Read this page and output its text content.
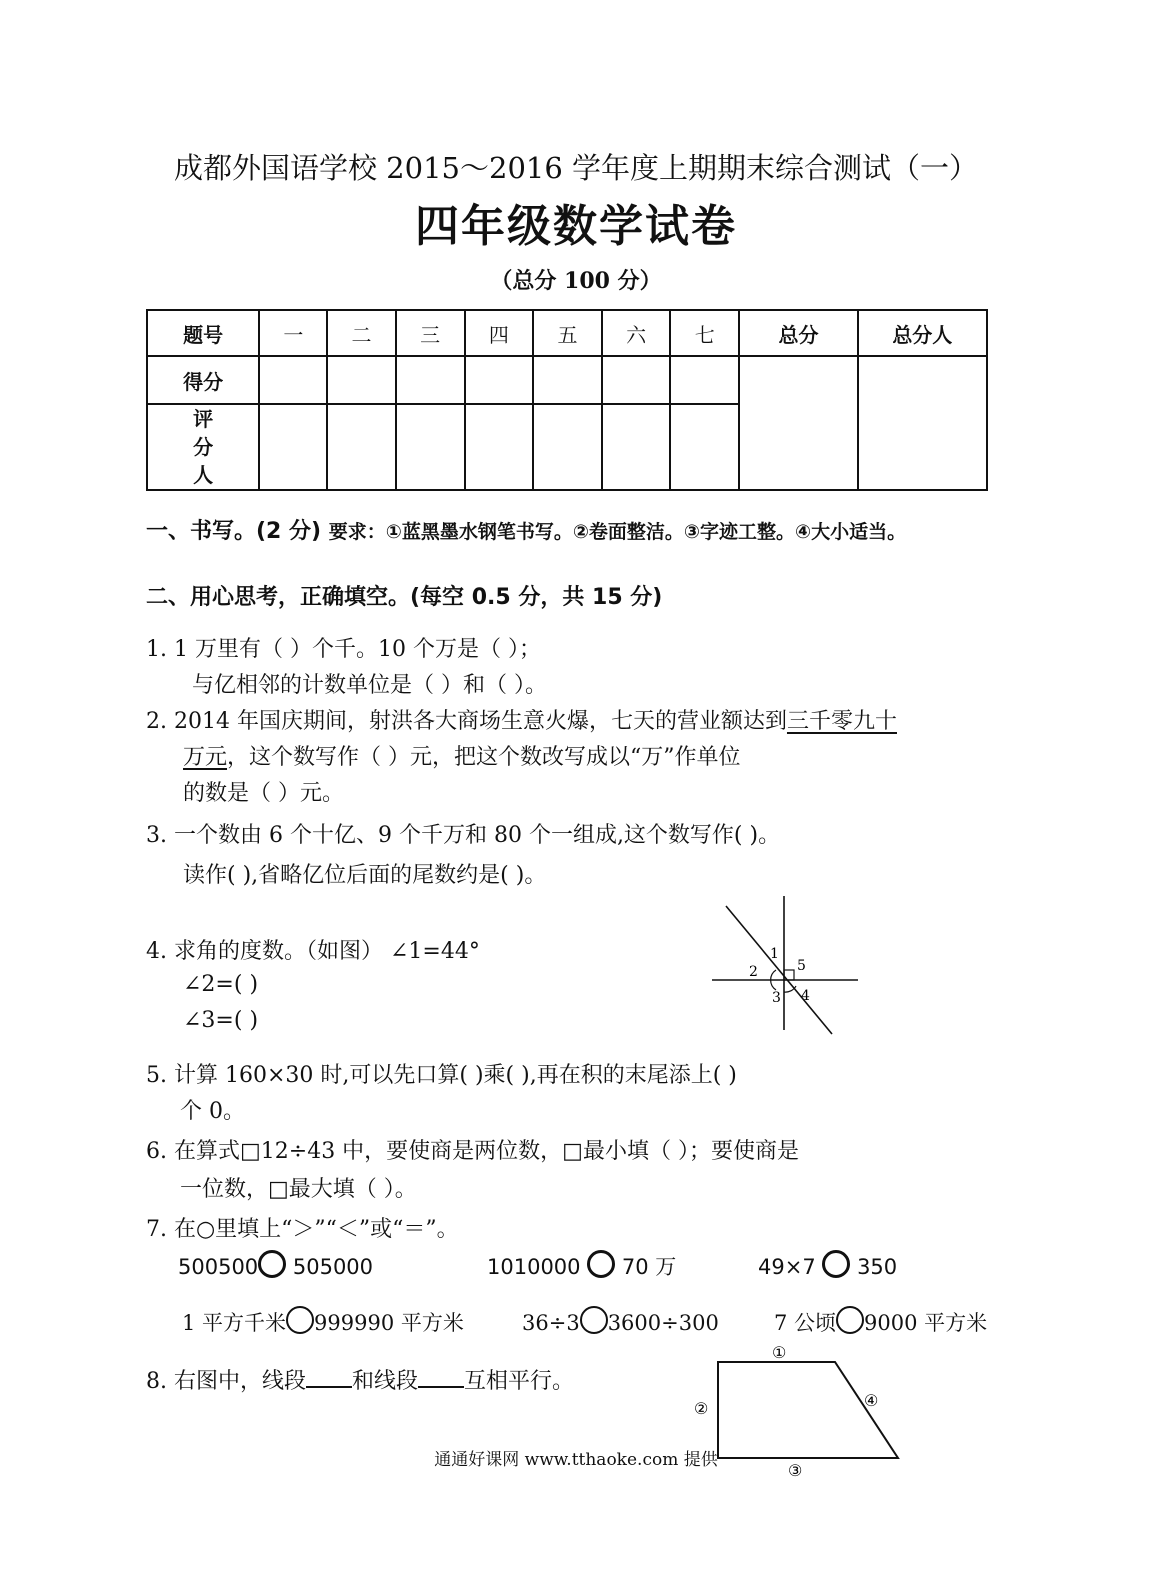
成都外国语学校 2015～2016 学年度上期期末综合测试（一）
四年级数学试卷
（总分 100 分）
题号	一	二	三	四	五	六	七	总分	总分人
得分									

评
分
人									

一、书写。(2 分) 要求：①蓝黑墨水钢笔书写。②卷面整洁。③字迹工整。④大小适当。
二、用心思考，正确填空。(每空 0.5 分，共 15 分)
1. 1 万里有（ ）个千。10 个万是（ ）；
与亿相邻的计数单位是（ ）和（ ）。
2. 2014 年国庆期间，射洪各大商场生意火爆，七天的营业额达到三千零九十
万元，这个数写作（ ）元，把这个数改写成以“万”作单位
的数是（ ）元。
3. 一个数由 6 个十亿、9 个千万和 80 个一组成,这个数写作( )。
读作( ),省略亿位后面的尾数约是( )。
4. 求角的度数。（如图） ∠1=44°
∠2=( )
∠3=( )
1
2
3 4
5
5. 计算 160×30 时,可以先口算( )乘( ),再在积的末尾添上( )
个 0。
6. 在算式□12÷43 中，要使商是两位数，□最小填（ ）；要使商是
一位数，□最大填（ ）。
7. 在○里填上“＞”“＜”或“＝”。
500500 505000	1010000 70 万	49×7 350
1 平方千米 999990 平方米	36÷3 3600÷300	7 公顷 9000 平方米
8. 右图中，线段 和线段 互相平行。
①
②
③
④
通通好课网 www.tthaoke.com 提供
